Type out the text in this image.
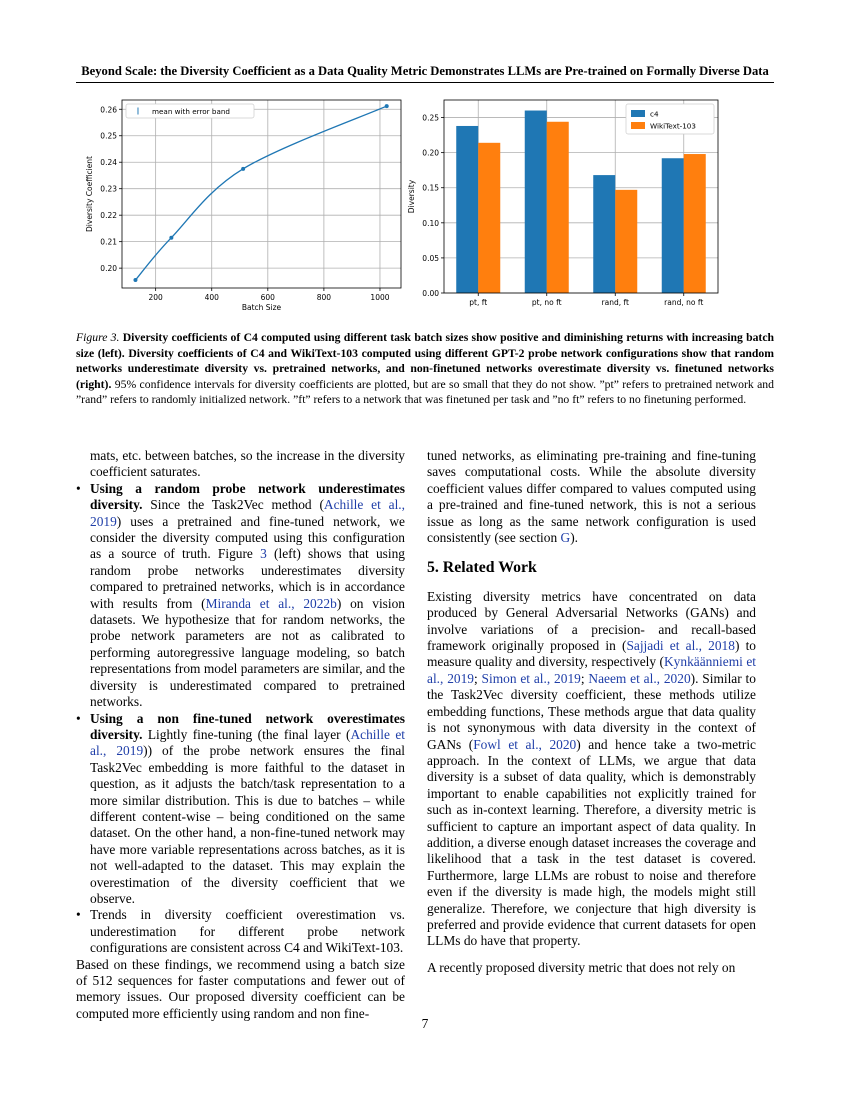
Beyond Scale: the Diversity Coefficient as a Data Quality Metric Demonstrates LLMs are Pre-trained on Formally Diverse Data
0.20
0.21
0.22
0.23
0.24
0.25
0.26
200	400	600	800	1000
I mean with error band
Batch Size
Diversity Coefficient
0.00
0.05
0.10
0.15
0.20
0.25
pt, ft	pt, no ft	rand, ft	rand, no ft
c4
WikiText-103
Diversity
Figure 3. Diversity coefficients of C4 computed using different task batch sizes show positive and diminishing returns with increasing batch size (left). Diversity coefficients of C4 and WikiText-103 computed using different GPT-2 probe network configurations show that random networks underestimate diversity vs. pretrained networks, and non-finetuned networks overestimate diversity vs. finetuned networks (right). 95% confidence intervals for diversity coefficients are plotted, but are so small that they do not show. ”pt” refers to pretrained network and ”rand” refers to randomly initialized network. ”ft” refers to a network that was finetuned per task and ”no ft” refers to no finetuning performed.

mats, etc. between batches, so the increase in the diversity coefficient saturates.

• Using a random probe network underestimates diversity. Since the Task2Vec method (Achille et al., 2019) uses a pretrained and fine-tuned network, we consider the diversity computed using this configuration as a source of truth. Figure 3 (left) shows that using random probe networks underestimates diversity compared to pretrained networks, which is in accordance with results from (Miranda et al., 2022b) on vision datasets. We hypothesize that for random networks, the probe network parameters are not as calibrated to performing autoregressive language modeling, so batch representations from model parameters are similar, and the diversity is underestimated compared to pretrained networks.
• Using a non fine-tuned network overestimates diversity. Lightly fine-tuning (the final layer (Achille et al., 2019)) of the probe network ensures the final Task2Vec embedding is more faithful to the dataset in question, as it adjusts the batch/task representation to a more similar distribution. This is due to batches – while different content-wise – being conditioned on the same dataset. On the other hand, a non-fine-tuned network may have more variable representations across batches, as it is not well-adapted to the dataset. This may explain the overestimation of the diversity coefficient that we observe.
• Trends in diversity coefficient overestimation vs. underestimation for different probe network configurations are consistent across C4 and WikiText-103.

Based on these findings, we recommend using a batch size of 512 sequences for faster computations and fewer out of memory issues. Our proposed diversity coefficient can be computed more efficiently using random and non fine-

tuned networks, as eliminating pre-training and fine-tuning saves computational costs. While the absolute diversity coefficient values differ compared to values computed using a pre-trained and fine-tuned network, this is not a serious issue as long as the same network configuration is used consistently (see section G).

5. Related Work

Existing diversity metrics have concentrated on data produced by General Adversarial Networks (GANs) and involve variations of a precision- and recall-based framework originally proposed in (Sajjadi et al., 2018) to measure quality and diversity, respectively (Kynkäänniemi et al., 2019; Simon et al., 2019; Naeem et al., 2020). Similar to the Task2Vec diversity coefficient, these methods utilize embedding functions, These methods argue that data quality is not synonymous with data diversity in the context of GANs (Fowl et al., 2020) and hence take a two-metric approach. In the context of LLMs, we argue that data diversity is a subset of data quality, which is demonstrably important to enable capabilities not explicitly trained for such as in-context learning. Therefore, a diversity metric is sufficient to capture an important aspect of data quality. In addition, a diverse enough dataset increases the coverage and likelihood that a task in the test dataset is covered. Furthermore, large LLMs are robust to noise and therefore even if the diversity is made high, the models might still generalize. Therefore, we conjecture that high diversity is preferred and provide evidence that current datasets for open LLMs do have that property.

A recently proposed diversity metric that does not rely on

7
